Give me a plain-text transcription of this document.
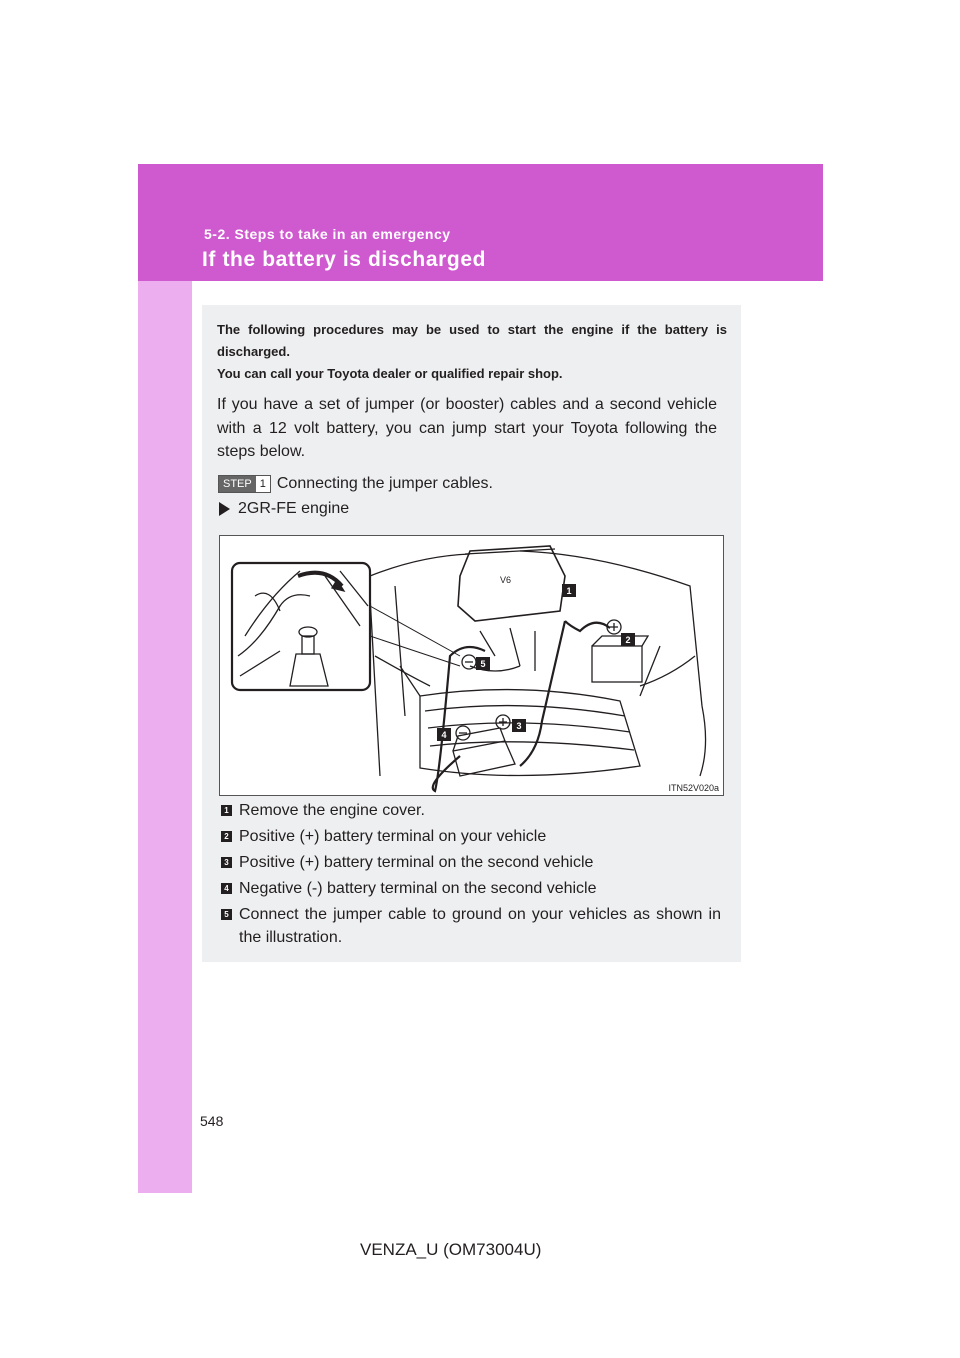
5-2. Steps to take in an emergency
If the battery is discharged
The following procedures may be used to start the engine if the battery is discharged.
You can call your Toyota dealer or qualified repair shop.
If you have a set of jumper (or booster) cables and a second vehicle with a 12 volt battery, you can jump start your Toyota following the steps below.
STEP 1 Connecting the jumper cables.
2GR-FE engine
V6
1
2
3
4
5
ITN52V020a
1 Remove the engine cover.
2 Positive (+) battery terminal on your vehicle
3 Positive (+) battery terminal on the second vehicle
4 Negative (-) battery terminal on the second vehicle
5 Connect the jumper cable to ground on your vehicles as shown in the illustration.
548
VENZA_U (OM73004U)
